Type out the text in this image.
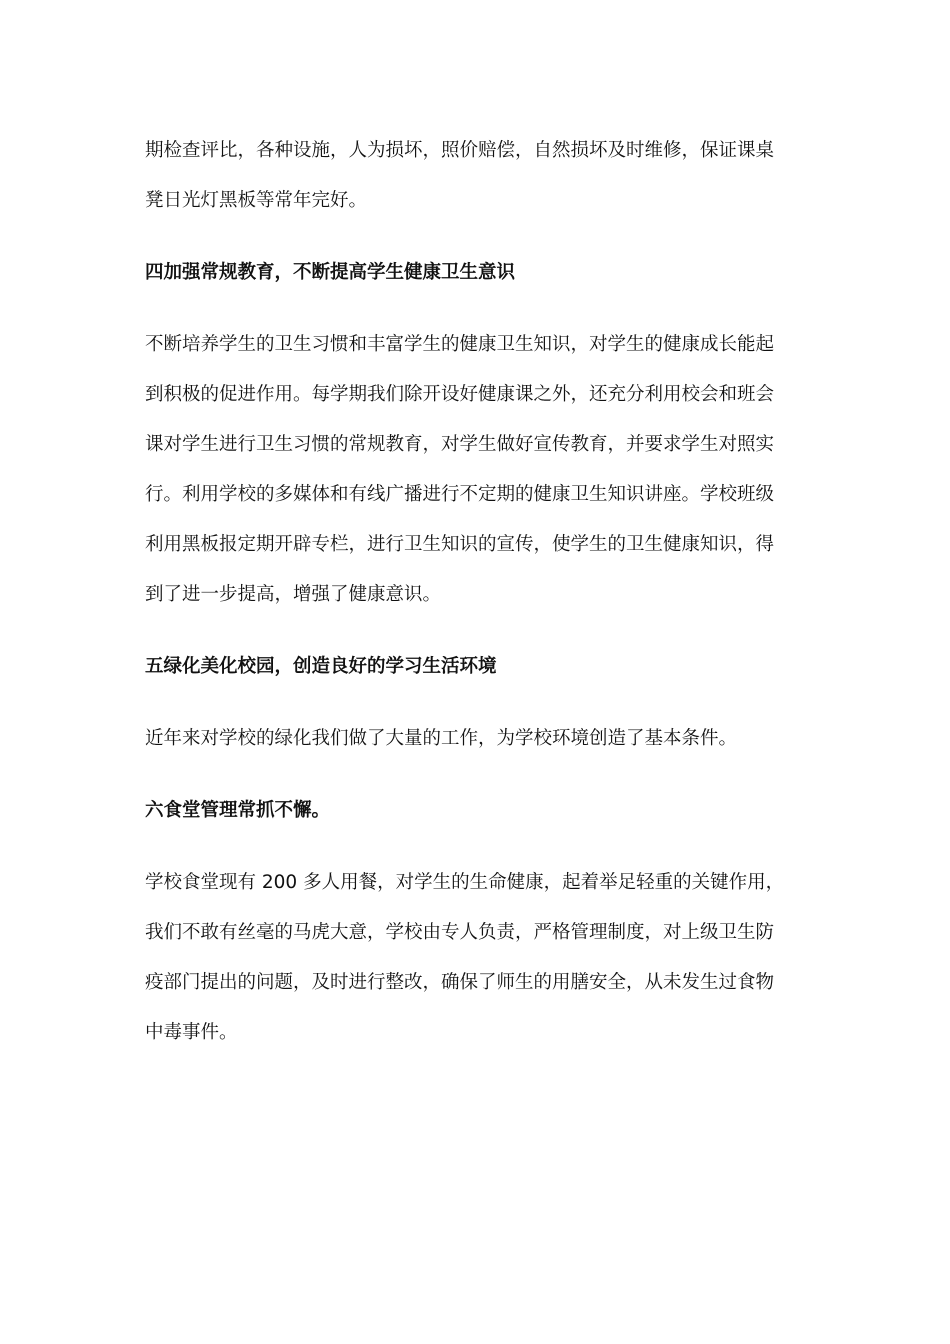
期检查评比，各种设施，人为损坏，照价赔偿，自然损坏及时维修，保证课桌
凳日光灯黑板等常年完好。
四加强常规教育，不断提高学生健康卫生意识
不断培养学生的卫生习惯和丰富学生的健康卫生知识，对学生的健康成长能起
到积极的促进作用。每学期我们除开设好健康课之外，还充分利用校会和班会
课对学生进行卫生习惯的常规教育，对学生做好宣传教育，并要求学生对照实
行。利用学校的多媒体和有线广播进行不定期的健康卫生知识讲座。学校班级
利用黑板报定期开辟专栏，进行卫生知识的宣传，使学生的卫生健康知识，得
到了进一步提高，增强了健康意识。
五绿化美化校园，创造良好的学习生活环境
近年来对学校的绿化我们做了大量的工作，为学校环境创造了基本条件。
六食堂管理常抓不懈。
学校食堂现有 200 多人用餐，对学生的生命健康，起着举足轻重的关键作用，
我们不敢有丝毫的马虎大意，学校由专人负责，严格管理制度，对上级卫生防
疫部门提出的问题，及时进行整改，确保了师生的用膳安全，从未发生过食物
中毒事件。
